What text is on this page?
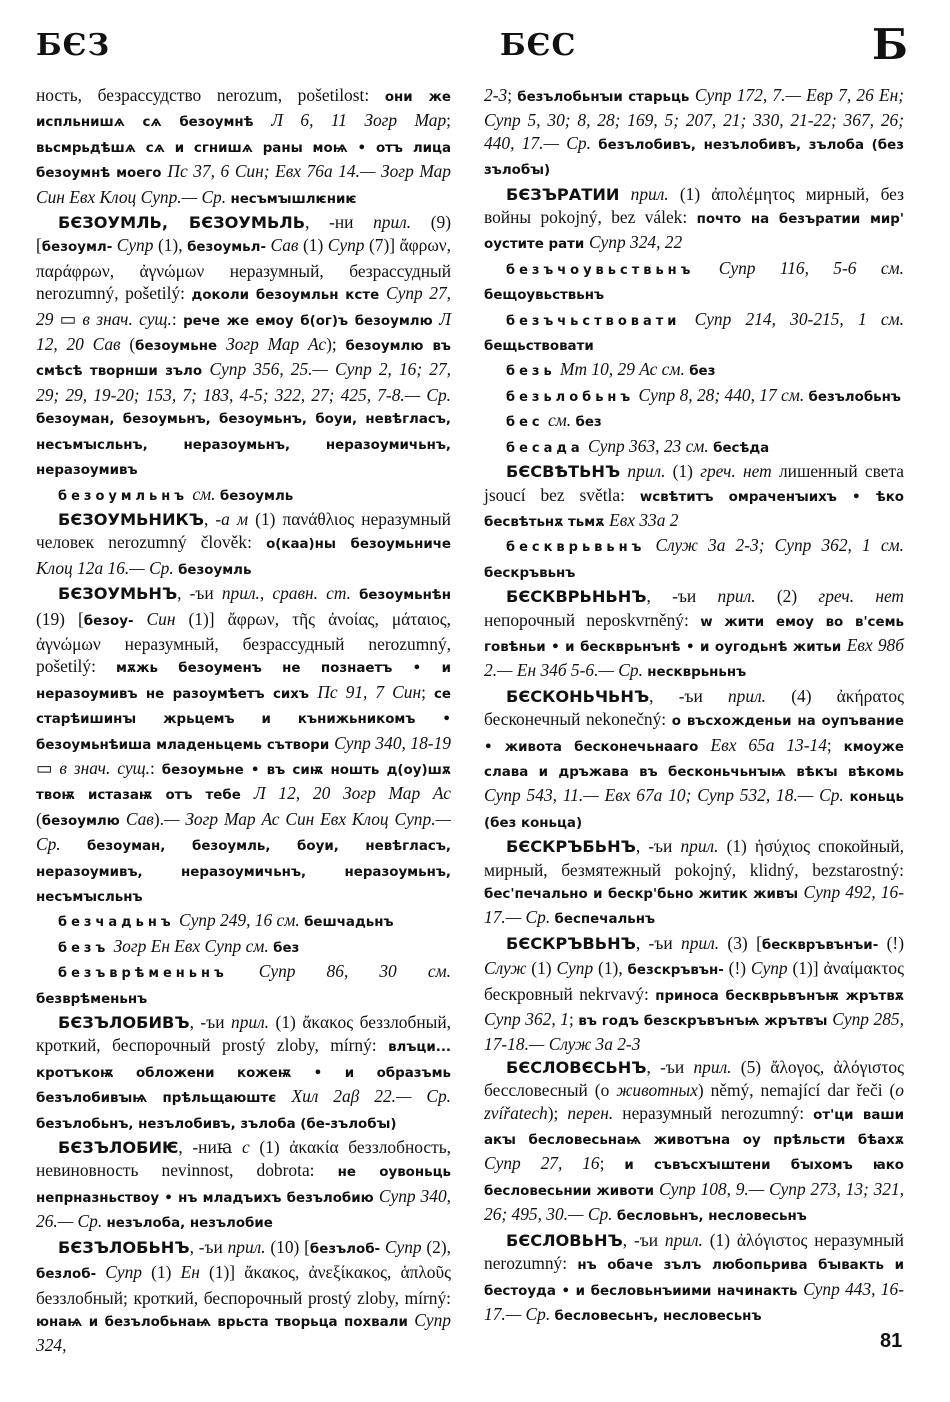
БЄЗ	БЄС	Б

ность, безрассудство nerozum, pošetilost: они же испльнишѧ сѧ безоумнѣ Л 6, 11 Зогр Мар; вьсмрьдѣшѧ сѧ и сгнишѧ раны моѩ • отъ лица безоумнѣ моего Пс 37, 6 Син; Евх 76а 14.— Зогр Мар Син Евх Клоц Супр.— Ср. несъмꙑшлѥниѥ

БЄЗОУМЛЬ, БЄЗОУМЬЛЬ, -ни прил. (9) [безоумл- Супр (1), безоумьл- Сав (1) Супр (7)] ἄφρων, παράφρων, ἀγνώμων неразумный, безрассудный nerozumný, pošetilý: доколи безоумльн ксте Супр 27, 29 ▭ в знач. сущ.: рече же емоу б(ог)ъ безоумлю Л 12, 20 Сав (безоумьне Зогр Мар Ас); безоумлю въ смѣсѣ творнши зъло Супр 356, 25.— Супр 2, 16; 27, 29; 29, 19-20; 153, 7; 183, 4-5; 322, 27; 425, 7-8.— Ср. безоуман, безоумьнъ, безоумьнъ, боуи, невѣгласъ, несъмꙑсльнъ, неразоумьнъ, неразоумичьнъ, неразоумивъ

безоумльнъ см. безоумль

БЄЗОУМЬНИКЪ, -а м (1) πανάθλιος неразумный человек nerozumný člověk: о(каа)ны безоумьниче Клоц 12а 16.— Ср. безоумль

БЄЗОУМЬНЪ, -ъи прил., сравн. ст. безоумьнѣн (19) [безоу- Син (1)] ἄφρων, τῆς ἀνοίας, μάταιος, ἀγνώμων неразумный, безрассудный nerozumný, pošetilý: мѫжь безоуменъ не познаетъ • и неразоумивъ не разоумѣетъ сихъ Пс 91, 7 Син; се старѣишинꙑ жрьцемъ и кънижьникомъ • безоумьнѣиша младеньцемь сътвори Супр 340, 18-19 ▭ в знач. сущ.: безоумьне • въ сиѭ ношть д(оу)шѫ твоѭ истазаѭ отъ тебе Л 12, 20 Зогр Мар Ас (безоумлю Сав).— Зогр Мар Ас Син Евх Клоц Супр.— Ср. безоуман, безоумль, боуи, невѣгласъ, неразоумивъ, неразоумичьнъ, неразоумьнъ, несъмꙑсльнъ

безчадьнъ Супр 249, 16 см. бешчадьнъ

безъ Зогр Ен Евх Супр см. без

безъврѣменьнъ Супр 86, 30 см. безврѣменьнъ

БЄЗЪЛОБИВЪ, -ъи прил. (1) ἄκακος беззлобный, кроткий, беспорочный prostý zloby, mírný: влъци... кротъкоѭ обложени кожеѭ • и образъмь безълобивꙑѩ прѣльщаюштє Хил 2аβ 22.— Ср. безълобьнъ, незълобивъ, зълоба (бе-зълобꙑ)

БЄЗЪЛОБИѤ, -ниꙗ с (1) ἀκακία беззлобность, невиновность nevinnost, dobrota: не оувоньць непрназньствоу • нъ младъихъ безълобию Супр 340, 26.— Ср. незълоба, незълобие

БЄЗЪЛОБЬНЪ, -ъи прил. (10) [безълоб- Супр (2), безлоб- Супр (1) Ен (1)] ἄκακος, ἀνεξίκακος, ἁπλοῦς беззлобный; кроткий, беспорочный prostý zloby, mírný: юнаѩ и безълобьнаѩ врьста творьца похвали Супр 324,

2-3; безълобьнꙑи старьць Супр 172, 7.— Евр 7, 26 Ен; Супр 5, 30; 8, 28; 169, 5; 207, 21; 330, 21-22; 367, 26; 440, 17.— Ср. безълобивъ, незълобивъ, зълоба (без зълобꙑ)

БЄЗЪРАТИИ прил. (1) ἀπολέμητος мирный, без войны pokojný, bez válek: почто на безъратии мир' оустите рати Супр 324, 22

безъчоувьствьнъ Супр 116, 5-6 см. бещоувьствьнъ

безъчьствовати Супр 214, 30-215, 1 см. бещьствовати

безь Мт 10, 29 Ас см. без

безьлобьнъ Супр 8, 28; 440, 17 см. безълобьнъ

бес см. без

бесада Супр 363, 23 см. бесѣда

БЄСВѢТЬНЪ прил. (1) греч. нет лишенный света jsoucí bez světla: wсвѣтитъ омраченꙑихъ • ѣко бесвѣтьнѫ тьмѫ Евх 33а 2

бескврьвьнъ Служ 3а 2-3; Супр 362, 1 см. бескръвьнъ

БЄСКВРЬНЬНЪ, -ъи прил. (2) греч. нет непорочный neposkvrněný: w жити емоу во в'семь говѣньи • и бескврьнънѣ • и оугодьнѣ житьи Евх 98б 2.— Ен 34б 5-6.— Ср. нескврьньнъ

БЄСКОНЬЧЬНЪ, -ъи прил. (4) ἀκήρατος бесконечный nekonečný: о въсхожденьи на оупъвание • живота бесконечьнааго Евх 65а 13-14; кмоуже слава и дръжава въ бесконьчьнꙑѩ вѣкꙑ вѣкомь Супр 543, 11.— Евх 67а 10; Супр 532, 18.— Ср. коньць (без коньца)

БЄСКРЪБЬНЪ, -ъи прил. (1) ἡσύχιος спокойный, мирный, безмятежный pokojný, klidný, bezstarostný: бес'печально и бескр'бьно житик живꙑ Супр 492, 16-17.— Ср. беспечальнъ

БЄСКРЪВЬНЪ, -ъи прил. (3) [бесквръвънъи- (!) Служ (1) Супр (1), безскръвън- (!) Супр (1)] ἀναίμακτος бескровный nekrvavý: приноса бескврьвънъѭ жрътвѫ Супр 362, 1; въ годъ безскръвънъѩ жрътвꙑ Супр 285, 17-18.— Служ 3а 2-3

БЄСЛОВЄСЬНЪ, -ъи прил. (5) ἄλογος, ἀλόγιστος бессловесный (о животных) němý, nemající dar řeči (o zvířatech); перен. неразумный nerozumný: от'ци ваши акꙑ бесловесьнаѩ животъна оу прѣльсти бѣахѫ Супр 27, 16; и съвъсхꙑштени бꙑхомъ ꙗко бесловесьнии животи Супр 108, 9.— Супр 273, 13; 321, 26; 495, 30.— Ср. бесловьнъ, несловесьнъ

БЄСЛОВЬНЪ, -ъи прил. (1) ἀλόγιστος неразумный nerozumný: нъ обаче зълъ любопьрива бꙑвакть и бестоуда • и бесловьнъиими начинакть Супр 443, 16-17.— Ср. бесловесьнъ, несловесьнъ

81
